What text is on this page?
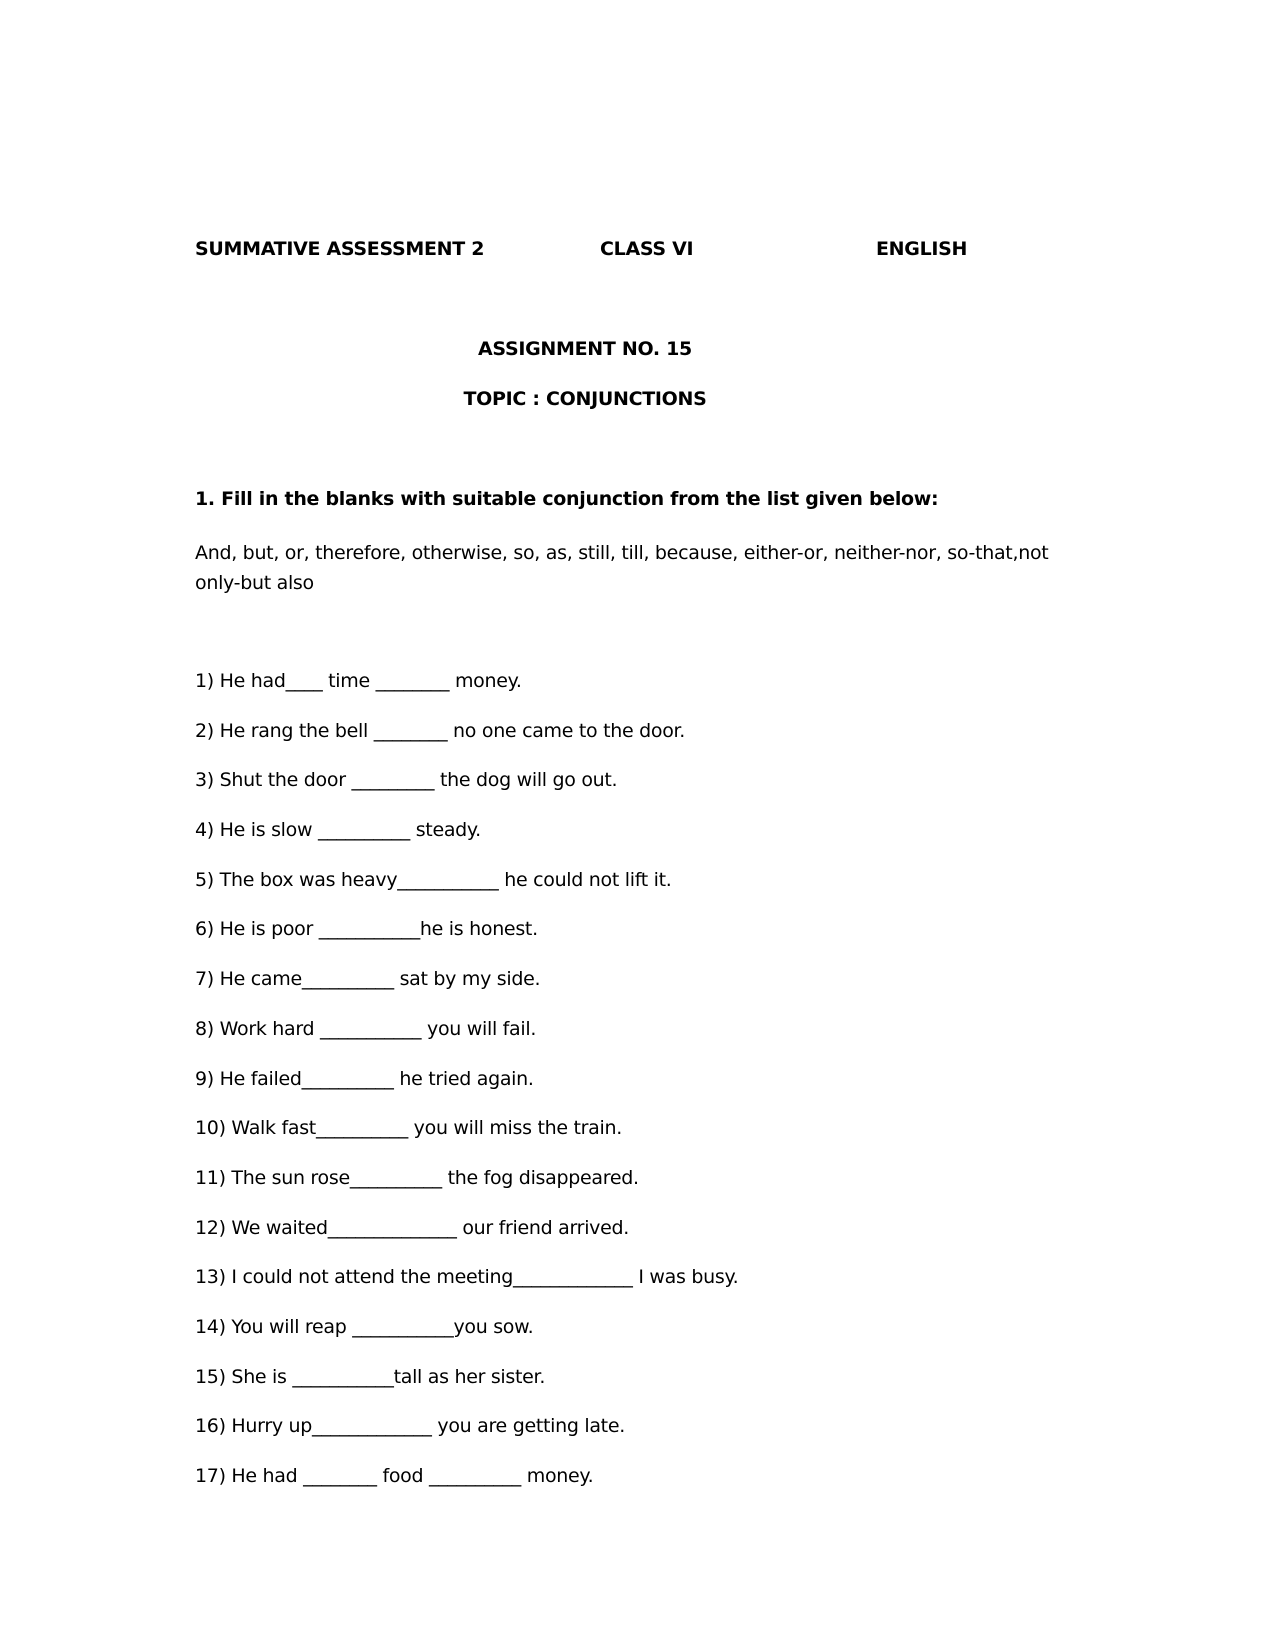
SUMMATIVE ASSESSMENT 2	CLASS VI	ENGLISH
ASSIGNMENT NO. 15
TOPIC : CONJUNCTIONS
1. Fill in the blanks with suitable conjunction from the list given below:
And, but, or, therefore, otherwise, so, as, still, till, because, either-or, neither-nor, so-that,not only-but also
1) He had____ time ________ money.
2) He rang the bell ________ no one came to the door.
3) Shut the door _________ the dog will go out.
4) He is slow __________ steady.
5) The box was heavy___________ he could not lift it.
6) He is poor ___________he is honest.
7) He came__________ sat by my side.
8) Work hard ___________ you will fail.
9) He failed__________ he tried again.
10) Walk fast__________ you will miss the train.
11) The sun rose__________ the fog disappeared.
12) We waited______________ our friend arrived.
13) I could not attend the meeting_____________ I was busy.
14) You will reap ___________you sow.
15) She is ___________tall as her sister.
16) Hurry up_____________ you are getting late.
17) He had ________ food __________ money.
